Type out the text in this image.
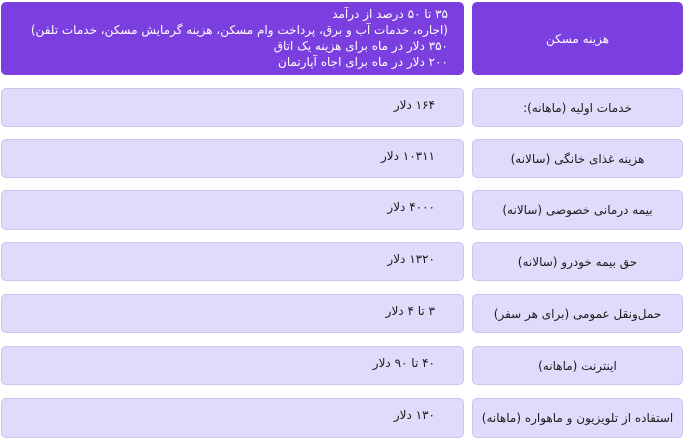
هزینه مسکن
۳۵ تا ۵۰ درصد از درآمد
(اجاره، خدمات آب و برق، پرداخت وام مسکن، هزینه گرمایش مسکن، خدمات تلفن)
۳۵۰ دلار در ماه برای هزینه یک اتاق
۲۰۰ دلار در ماه برای اجاه آپارتمان
خدمات اولیه (ماهانه):
۱۶۴ دلار
هزینه غذای خانگی (سالانه)
۱۰۳۱۱ دلار
بیمه درمانی خصوصی (سالانه)
۴۰۰۰ دلار
حق بیمه خودرو (سالانه)
۱۳۲۰ دلار
حمل‌ونقل عمومی (برای هر سفر)
۳ تا ۴ دلار
اینترنت (ماهانه)
۴۰ تا ۹۰ دلار
استفاده از تلویزیون و ماهواره (ماهانه)
۱۳۰ دلار
